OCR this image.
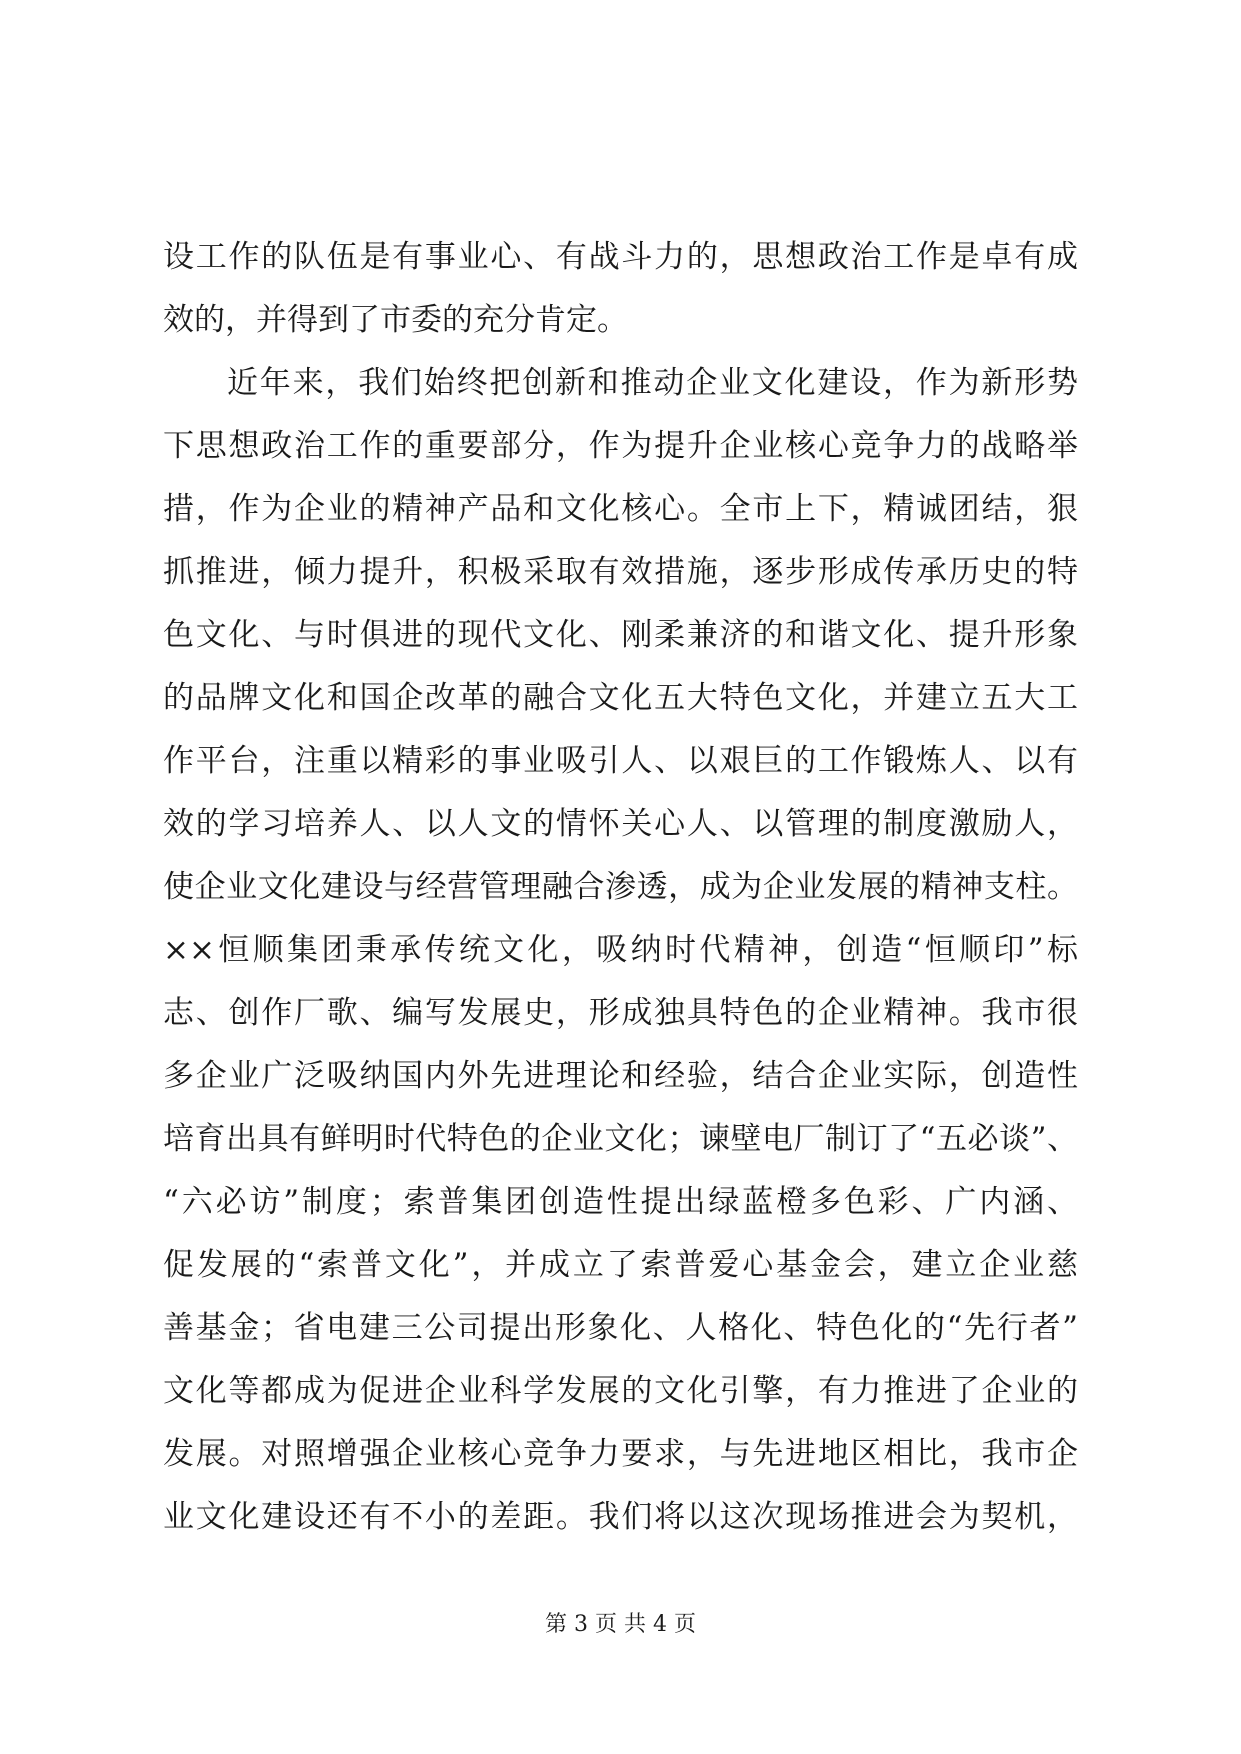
设工作的队伍是有事业心、有战斗力的，思想政治工作是卓有成
效的，并得到了市委的充分肯定。
近年来，我们始终把创新和推动企业文化建设，作为新形势
下思想政治工作的重要部分，作为提升企业核心竞争力的战略举
措，作为企业的精神产品和文化核心。全市上下，精诚团结，狠
抓推进，倾力提升，积极采取有效措施，逐步形成传承历史的特
色文化、与时俱进的现代文化、刚柔兼济的和谐文化、提升形象
的品牌文化和国企改革的融合文化五大特色文化，并建立五大工
作平台，注重以精彩的事业吸引人、以艰巨的工作锻炼人、以有
效的学习培养人、以人文的情怀关心人、以管理的制度激励人，
使企业文化建设与经营管理融合渗透，成为企业发展的精神支柱。
××恒顺集团秉承传统文化，吸纳时代精神，创造“恒顺印”标
志、创作厂歌、编写发展史，形成独具特色的企业精神。我市很
多企业广泛吸纳国内外先进理论和经验，结合企业实际，创造性
培育出具有鲜明时代特色的企业文化；谏壁电厂制订了“五必谈”、
“六必访”制度；索普集团创造性提出绿蓝橙多色彩、广内涵、
促发展的“索普文化”，并成立了索普爱心基金会，建立企业慈
善基金；省电建三公司提出形象化、人格化、特色化的“先行者”
文化等都成为促进企业科学发展的文化引擎，有力推进了企业的
发展。对照增强企业核心竞争力要求，与先进地区相比，我市企
业文化建设还有不小的差距。我们将以这次现场推进会为契机，
第 3 页 共 4 页
